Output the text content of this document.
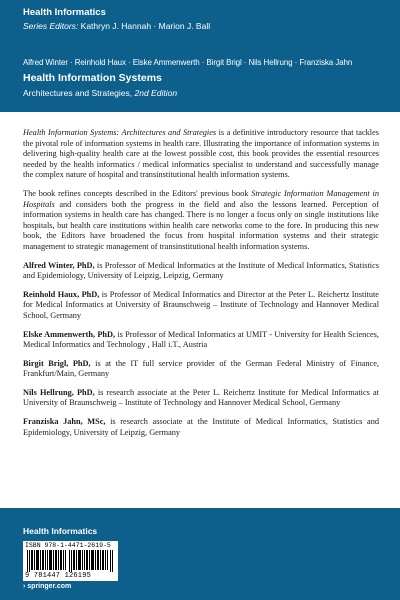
Health Informatics
Series Editors: Kathryn J. Hannah · Marion J. Ball
Alfred Winter · Reinhold Haux · Elske Ammenwerth · Birgit Brigl · Nils Hellrung · Franziska Jahn
Health Information Systems
Architectures and Strategies, 2nd Edition

Health Information Systems: Architectures and Strategies is a definitive introductory resource that tackles the pivotal role of information systems in health care. Illustrating the importance of information systems in delivering high-quality health care at the lowest possible cost, this book provides the essential resources needed by the health informatics / medical informatics specialist to understand and successfully manage the complex nature of hospital and transinstitutional health information systems.

The book refines concepts described in the Editors' previous book Strategic Information Management in Hospitals and considers both the progress in the field and also the lessons learned. Perception of information systems in health care has changed. There is no longer a focus only on single institutions like hospitals, but health care institutions within health care networks come to the fore. In producing this new book, the Editors have broadened the focus from hospital information systems and their strategic management to strategic management of transinstitutional health information systems.

Alfred Winter, PhD, is Professor of Medical Informatics at the Institute of Medical Informatics, Statistics and Epidemiology, University of Leipzig, Leipzig, Germany

Reinhold Haux, PhD, is Professor of Medical Informatics and Director at the Peter L. Reichertz Institute for Medical Informatics at University of Braunschweig – Institute of Technology and Hannover Medical School, Germany

Elske Ammenwerth, PhD, is Professor of Medical Informatics at UMIT - University for Health Sciences, Medical Informatics and Technology , Hall i.T., Austria

Birgit Brigl, PhD, is at the IT full service provider of the German Federal Ministry of Finance, Frankfurt/Main, Germany

Nils Hellrung, PhD, is research associate at the Peter L. Reichertz Institute for Medical Informatics at University of Braunschweig – Institute of Technology and Hannover Medical School, Germany

Franziska Jahn, MSc, is research associate at the Institute of Medical Informatics, Statistics and Epidemiology, University of Leipzig, Germany

Health Informatics
ISBN 978-1-4471-2619-5
9 781447 126195
› springer.com
